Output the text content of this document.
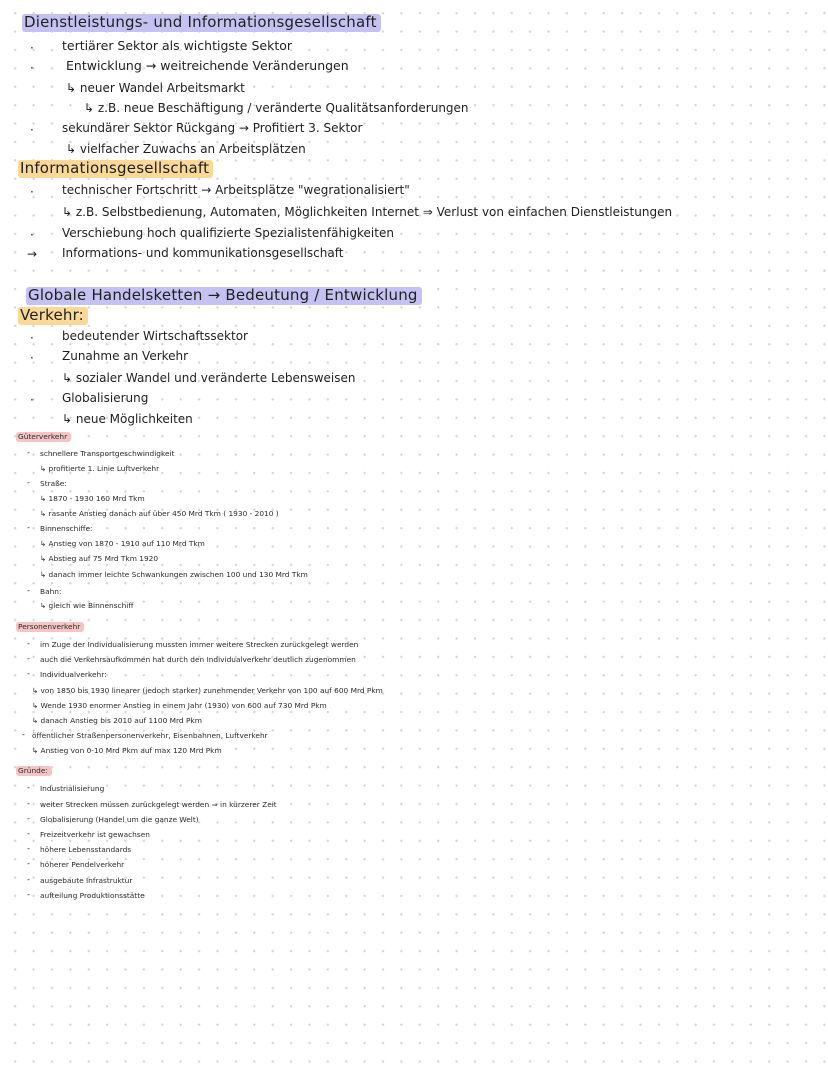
Dienstleistungs- und Informationsgesellschaft
· tertiärer Sektor als wichtigste Sektor
·	Entwicklung → weitreichende Veränderungen
↳ neuer Wandel Arbeitsmarkt
↳ z.B. neue Beschäftigung / veränderte Qualitätsanforderungen
· sekundärer Sektor Rückgang → Profitiert 3. Sektor
↳ vielfacher Zuwachs an Arbeitsplätzen
Informationsgesellschaft
· technischer Fortschritt → Arbeitsplätze "wegrationalisiert"
↳ z.B. Selbstbedienung, Automaten, Möglichkeiten Internet ⇒ Verlust von einfachen Dienstleistungen
· Verschiebung hoch qualifizierte Spezialistenfähigkeiten
→ Informations- und kommunikationsgesellschaft
Globale Handelsketten → Bedeutung / Entwicklung
Verkehr:
· bedeutender Wirtschaftssektor
· Zunahme an Verkehr
↳ sozialer Wandel und veränderte Lebensweisen
· Globalisierung
↳ neue Möglichkeiten
Güterverkehr
- schnellere Transportgeschwindigkeit
↳ profitierte 1. Linie Luftverkehr
- Straße:
↳ 1870 - 1930 160 Mrd Tkm
↳ rasante Anstieg danach auf über 450 Mrd Tkm ( 1930 - 2010 )
- Binnenschiffe:
↳ Anstieg von 1870 - 1910 auf 110 Mrd Tkm
↳ Abstieg auf 75 Mrd Tkm 1920
↳ danach immer leichte Schwankungen zwischen 100 und 130 Mrd Tkm
- Bahn:
↳ gleich wie Binnenschiff
Personenverkehr
- im Zuge der Individualisierung mussten immer weitere Strecken zurückgelegt werden
- auch die Verkehrsaufkommen hat durch den Individualverkehr deutlich zugenommen
- Individualverkehr:
↳ von 1850 bis 1930 linearer (jedoch starker) zunehmender Verkehr von 100 auf 600 Mrd Pkm
↳ Wende 1930 enormer Anstieg in einem Jahr (1930) von 600 auf 730 Mrd Pkm
↳ danach Anstieg bis 2010 auf 1100 Mrd Pkm
- öffentlicher Straßenpersonenverkehr, Eisenbahnen, Luftverkehr
↳ Anstieg von 0-10 Mrd Pkm auf max 120 Mrd Pkm
Gründe:
- Industrialisierung
- weiter Strecken müssen zurückgelegt werden ⇒ in kürzerer Zeit
- Globalisierung (Handel um die ganze Welt)
- Freizeitverkehr ist gewachsen
- höhere Lebensstandards
- höherer Pendelverkehr
- ausgebaute Infrastruktur
- aufteilung Produktionsstätte
